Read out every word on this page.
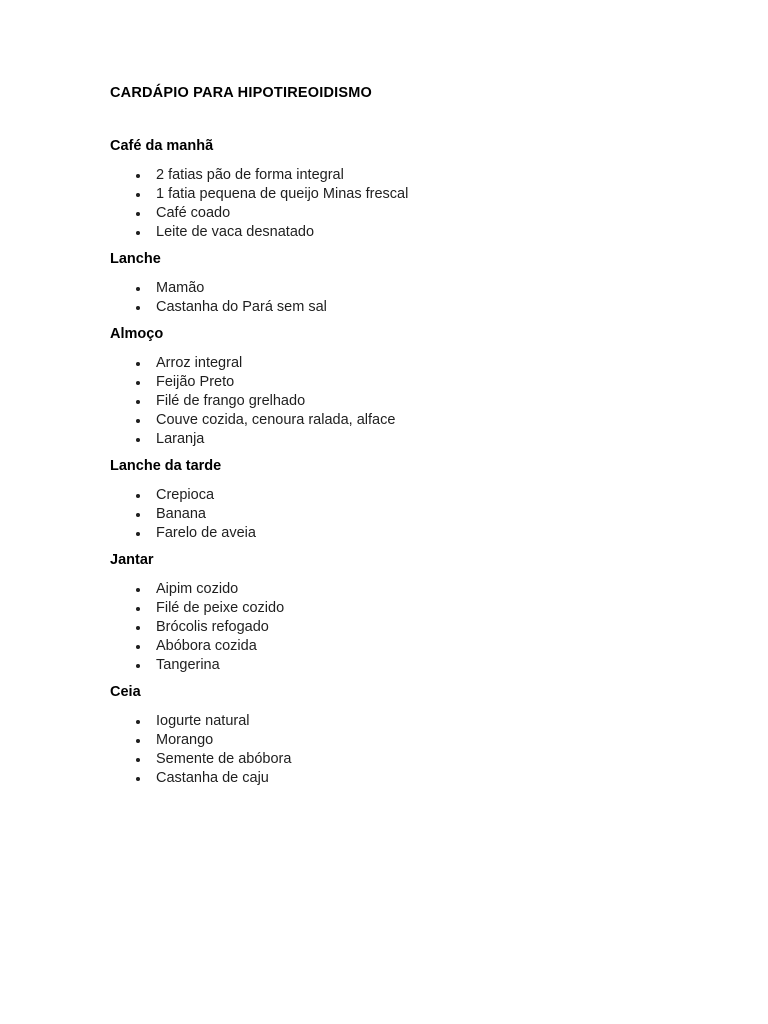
CARDÁPIO PARA HIPOTIREOIDISMO
Café da manhã
2 fatias pão de forma integral
1 fatia pequena de queijo Minas frescal
Café coado
Leite de vaca desnatado
Lanche
Mamão
Castanha do Pará sem sal
Almoço
Arroz integral
Feijão Preto
Filé de frango grelhado
Couve cozida, cenoura ralada, alface
Laranja
Lanche da tarde
Crepioca
Banana
Farelo de aveia
Jantar
Aipim cozido
Filé de peixe cozido
Brócolis refogado
Abóbora cozida
Tangerina
Ceia
Iogurte natural
Morango
Semente de abóbora
Castanha de caju
